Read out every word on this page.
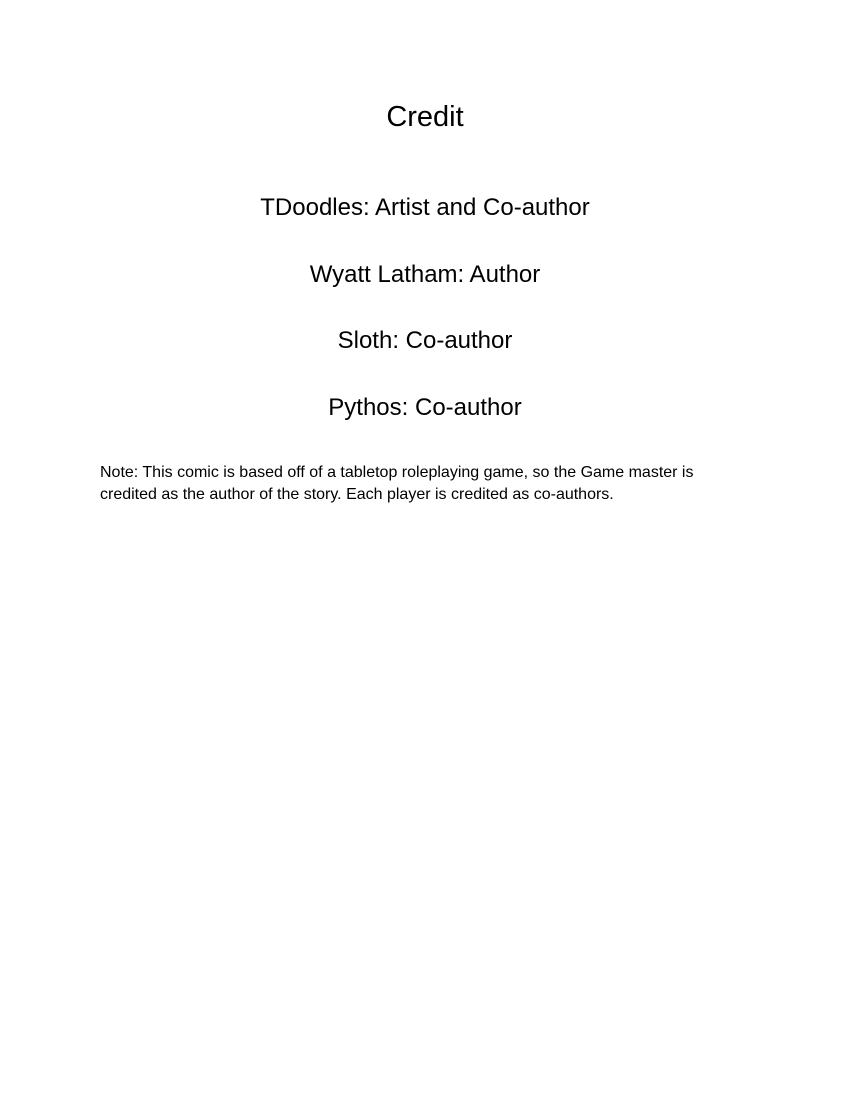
Credit
TDoodles: Artist and Co-author
Wyatt Latham: Author
Sloth: Co-author
Pythos: Co-author

Note: This comic is based off of a tabletop roleplaying game, so the Game master is credited as the author of the story. Each player is credited as co-authors.
